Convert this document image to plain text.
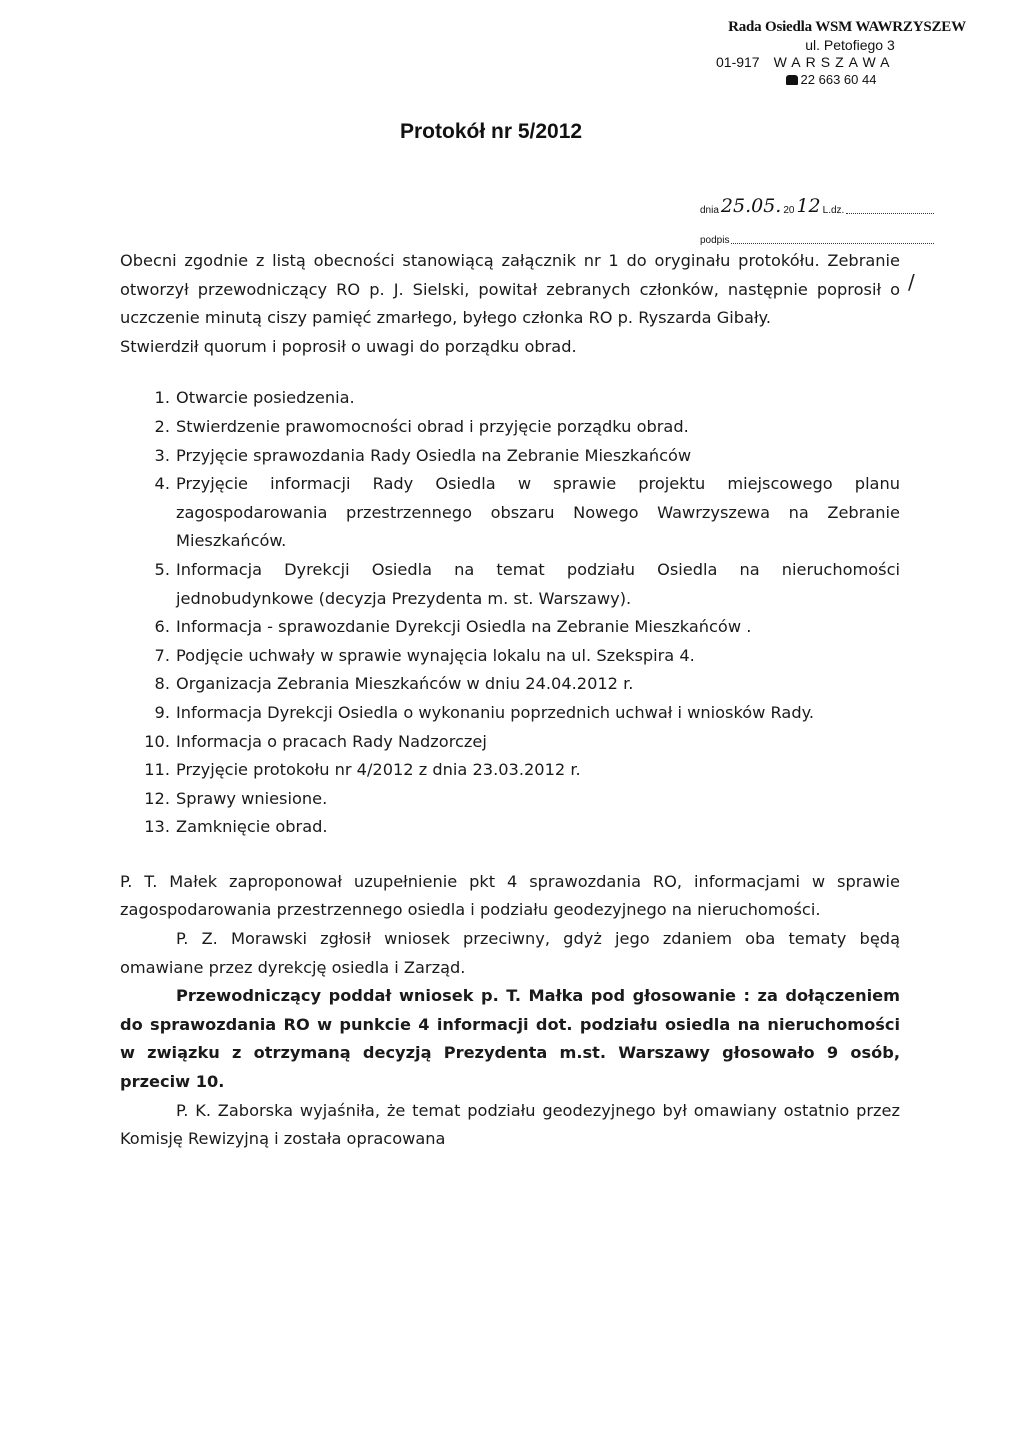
Rada Osiedla WSM WAWRZYSZEW
ul. Petofiego 3
01-917 WARSZAWA
22 663 60 44
Protokół nr 5/2012
dnia 25.05. 20 12 L.dz.
podpis
/

Obecni zgodnie z listą obecności stanowiącą załącznik nr 1 do oryginału protokółu. Zebranie otworzył przewodniczący RO p. J. Sielski, powitał zebranych członków, następnie poprosił o uczczenie minutą ciszy pamięć zmarłego, byłego członka RO p. Ryszarda Gibały.

Stwierdził quorum i poprosił o uwagi do porządku obrad.

1. Otwarcie posiedzenia.
2. Stwierdzenie prawomocności obrad i przyjęcie porządku obrad.
3. Przyjęcie sprawozdania Rady Osiedla na Zebranie Mieszkańców
4. Przyjęcie informacji Rady Osiedla w sprawie projektu miejscowego planu zagospodarowania przestrzennego obszaru Nowego Wawrzyszewa na Zebranie Mieszkańców.
5. Informacja Dyrekcji Osiedla na temat podziału Osiedla na nieruchomości jednobudynkowe (decyzja Prezydenta m. st. Warszawy).
6. Informacja - sprawozdanie Dyrekcji Osiedla na Zebranie Mieszkańców .
7. Podjęcie uchwały w sprawie wynajęcia lokalu na ul. Szekspira 4.
8. Organizacja Zebrania Mieszkańców w dniu 24.04.2012 r.
9. Informacja Dyrekcji Osiedla o wykonaniu poprzednich uchwał i wniosków Rady.
10. Informacja o pracach Rady Nadzorczej
11. Przyjęcie protokołu nr 4/2012 z dnia 23.03.2012 r.
12. Sprawy wniesione.
13. Zamknięcie obrad.

P. T. Małek zaproponował uzupełnienie pkt 4 sprawozdania RO, informacjami w sprawie zagospodarowania przestrzennego osiedla i podziału geodezyjnego na nieruchomości.

P. Z. Morawski zgłosił wniosek przeciwny, gdyż jego zdaniem oba tematy będą omawiane przez dyrekcję osiedla i Zarząd.

Przewodniczący poddał wniosek p. T. Małka pod głosowanie : za dołączeniem do sprawozdania RO w punkcie 4 informacji dot. podziału osiedla na nieruchomości w związku z otrzymaną decyzją Prezydenta m.st. Warszawy głosowało 9 osób, przeciw 10.

P. K. Zaborska wyjaśniła, że temat podziału geodezyjnego był omawiany ostatnio przez Komisję Rewizyjną i została opracowana
